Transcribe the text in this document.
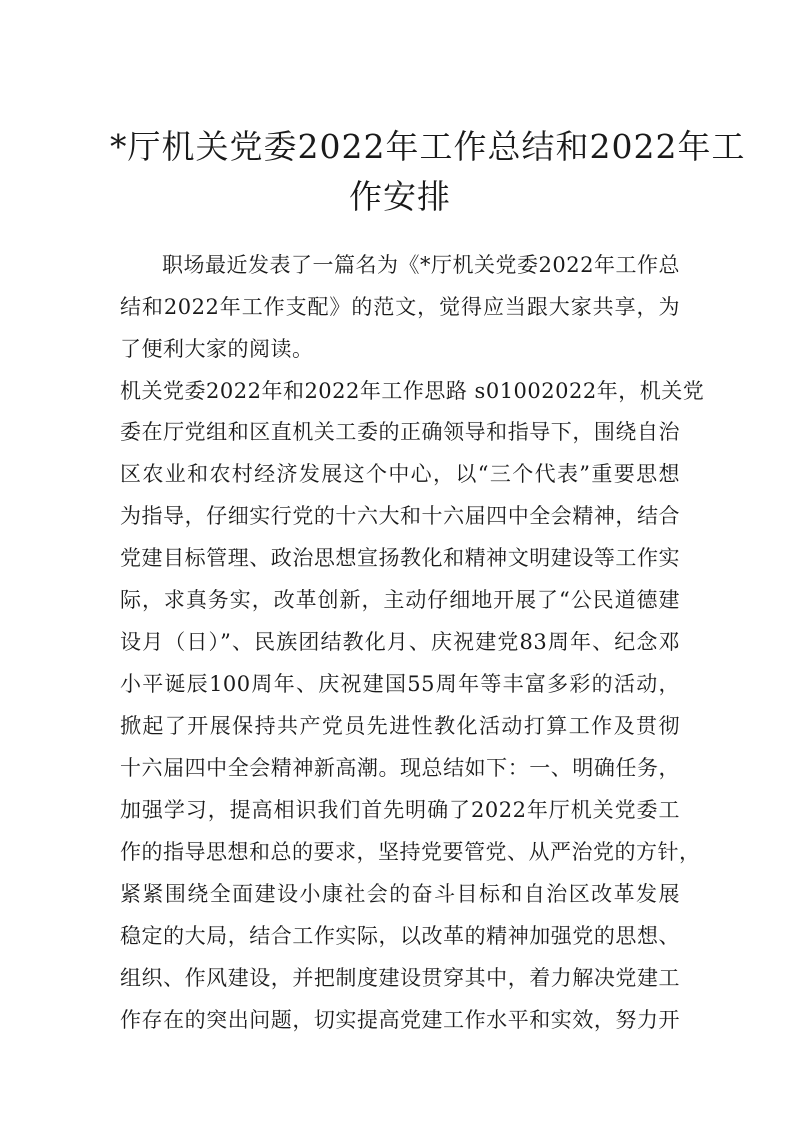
*厅机关党委2022年工作总结和2022年工
作安排
职场最近发表了一篇名为《*厅机关党委2022年工作总
结和2022年工作支配》的范文，觉得应当跟大家共享，为
了便利大家的阅读。
机关党委2022年和2022年工作思路 s01002022年，机关党
委在厅党组和区直机关工委的正确领导和指导下，围绕自治
区农业和农村经济发展这个中心，以“三个代表”重要思想
为指导，仔细实行党的十六大和十六届四中全会精神，结合
党建目标管理、政治思想宣扬教化和精神文明建设等工作实
际，求真务实，改革创新，主动仔细地开展了“公民道德建
设月（日）”、民族团结教化月、庆祝建党83周年、纪念邓
小平诞辰100周年、庆祝建国55周年等丰富多彩的活动，
掀起了开展保持共产党员先进性教化活动打算工作及贯彻
十六届四中全会精神新高潮。现总结如下：一、明确任务，
加强学习，提高相识我们首先明确了2022年厅机关党委工
作的指导思想和总的要求，坚持党要管党、从严治党的方针，
紧紧围绕全面建设小康社会的奋斗目标和自治区改革发展
稳定的大局，结合工作实际，以改革的精神加强党的思想、
组织、作风建设，并把制度建设贯穿其中，着力解决党建工
作存在的突出问题，切实提高党建工作水平和实效，努力开
